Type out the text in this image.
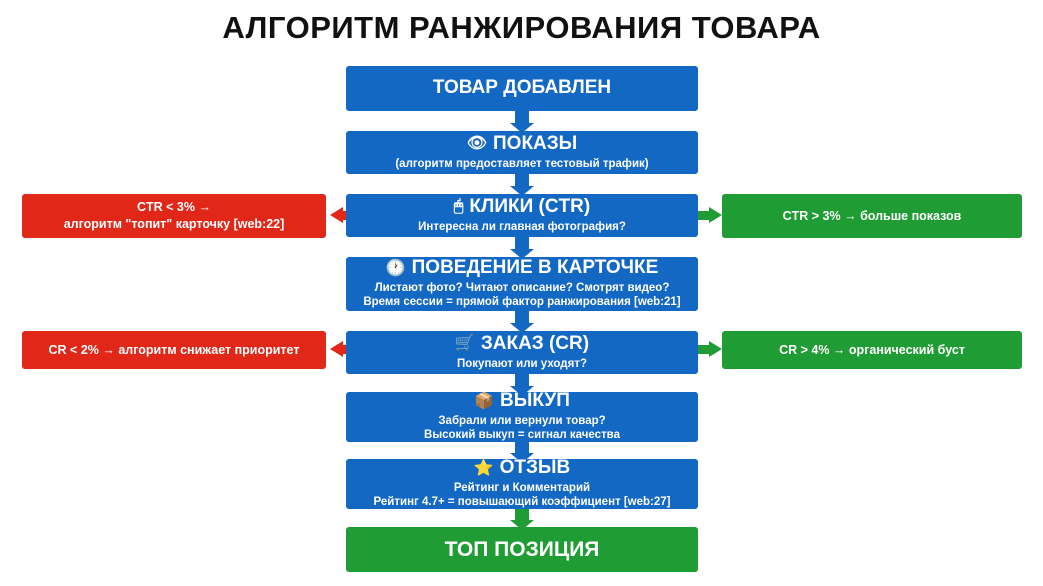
АЛГОРИТМ РАНЖИРОВАНИЯ ТОВАРА
ТОВАР ДОБАВЛЕН
👁 ПОКАЗЫ
(алгоритм предоставляет тестовый трафик)
🖱 КЛИКИ (CTR)
Интересна ли главная фотография?
CTR < 3% →
алгоритм "топит" карточку [web:22]
CTR > 3% → больше показов
🕐 ПОВЕДЕНИЕ В КАРТОЧКЕ
Листают фото? Читают описание? Смотрят видео?
Время сессии = прямой фактор ранжирования [web:21]
🛒 ЗАКАЗ (CR)
Покупают или уходят?
CR < 2% → алгоритм снижает приоритет	CR > 4% → органический буст
📦 ВЫКУП
Забрали или вернули товар?
Высокий выкуп = сигнал качества
⭐ ОТЗЫВ
Рейтинг и Комментарий
Рейтинг 4.7+ = повышающий коэффициент [web:27]
ТОП ПОЗИЦИЯ
